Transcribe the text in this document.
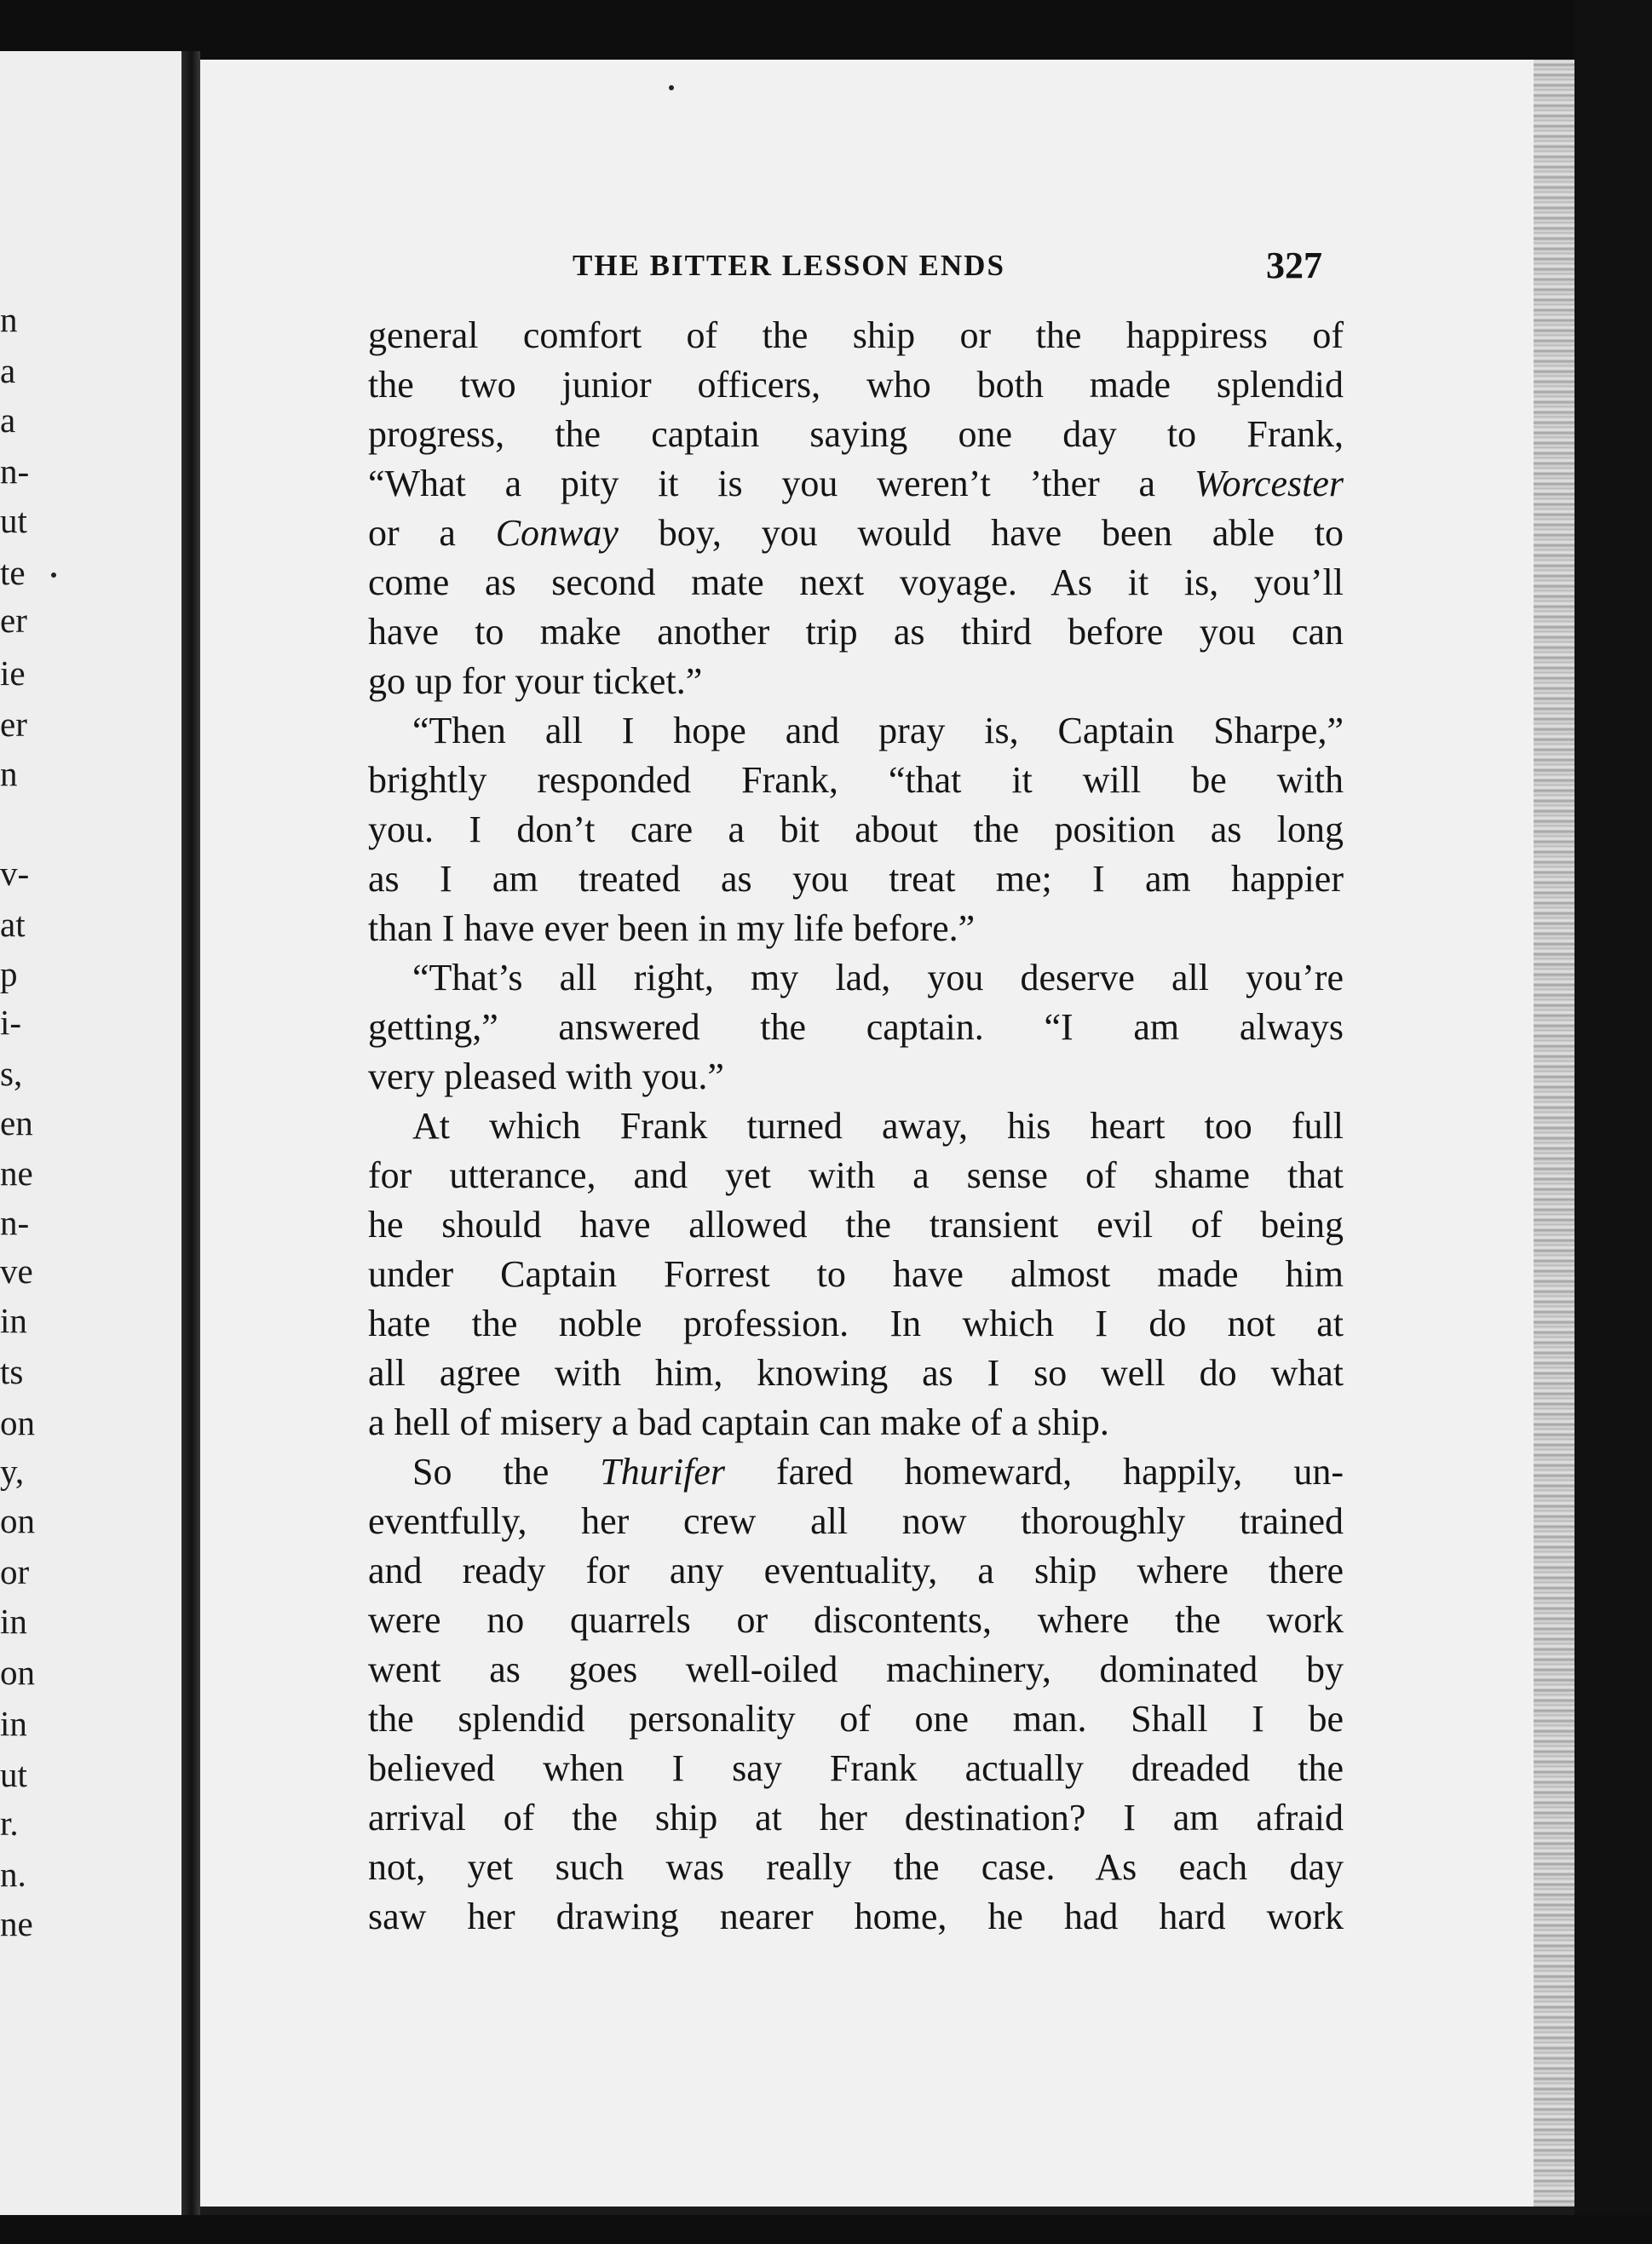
n
a
a
n-
ut
te
er
ie
er
n
v-
at
p
i-
s,
en
ne
n-
ve
in
ts
on
y,
on
or
in
on
in
ut
r.
n.
ne
THE BITTER LESSON ENDS	327
general comfort of the ship or the happiress of
the two junior officers, who both made splendid
progress, the captain saying one day to Frank,
“What a pity it is you weren’t ’ther a Worcester
or a Conway boy, you would have been able to
come as second mate next voyage. As it is, you’ll
have to make another trip as third before you can
go up for your ticket.”
“Then all I hope and pray is, Captain Sharpe,”
brightly responded Frank, “that it will be with
you. I don’t care a bit about the position as long
as I am treated as you treat me; I am happier
than I have ever been in my life before.”
“That’s all right, my lad, you deserve all you’re
getting,” answered the captain. “I am always
very pleased with you.”
At which Frank turned away, his heart too full
for utterance, and yet with a sense of shame that
he should have allowed the transient evil of being
under Captain Forrest to have almost made him
hate the noble profession. In which I do not at
all agree with him, knowing as I so well do what
a hell of misery a bad captain can make of a ship.
So the Thurifer fared homeward, happily, un-
eventfully, her crew all now thoroughly trained
and ready for any eventuality, a ship where there
were no quarrels or discontents, where the work
went as goes well-oiled machinery, dominated by
the splendid personality of one man. Shall I be
believed when I say Frank actually dreaded the
arrival of the ship at her destination? I am afraid
not, yet such was really the case. As each day
saw her drawing nearer home, he had hard work
